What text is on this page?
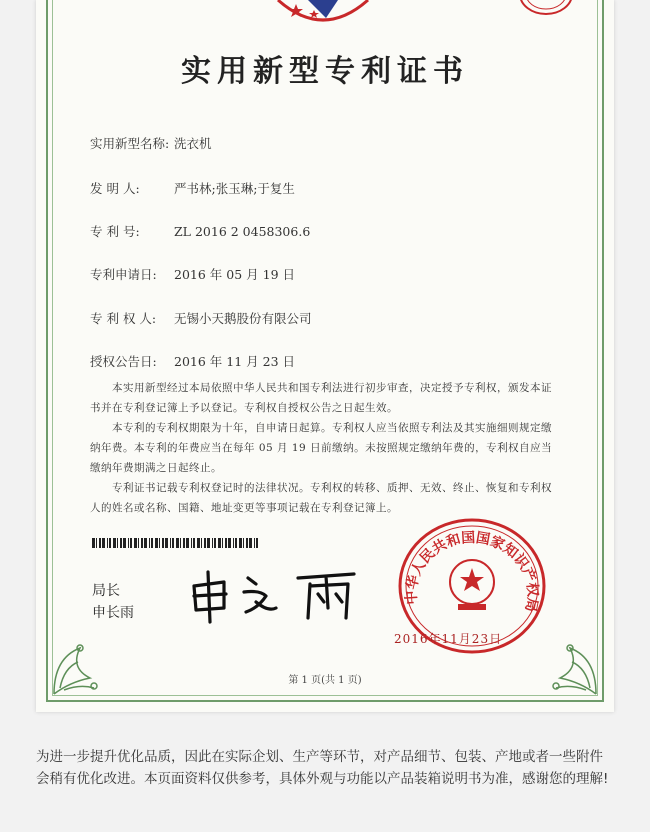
实用新型专利证书
实用新型名称: 洗衣机
发 明 人:	严书林;张玉琳;于复生
专 利 号:	ZL 2016 2 0458306.6
专利申请日: 2016 年 05 月 19 日
专 利 权 人: 无锡小天鹅股份有限公司
授权公告日: 2016 年 11 月 23 日
本实用新型经过本局依照中华人民共和国专利法进行初步审查，决定授予专利权，颁发本证书并在专利登记簿上予以登记。专利权自授权公告之日起生效。
本专利的专利权期限为十年，自申请日起算。专利权人应当依照专利法及其实施细则规定缴纳年费。本专利的年费应当在每年 05 月 19 日前缴纳。未按照规定缴纳年费的，专利权自应当缴纳年费期满之日起终止。
专利证书记载专利权登记时的法律状况。专利权的转移、质押、无效、终止、恢复和专利权人的姓名或名称、国籍、地址变更等事项记载在专利登记簿上。
局长
申长雨
中华人民共和国国家知识产权局
2016年11月23日
第 1 页(共 1 页)
为进一步提升优化品质，因此在实际企划、生产等环节，对产品细节、包装、产地或者一些附件会稍有优化改进。本页面资料仅供参考，具体外观与功能以产品装箱说明书为准，感谢您的理解!
